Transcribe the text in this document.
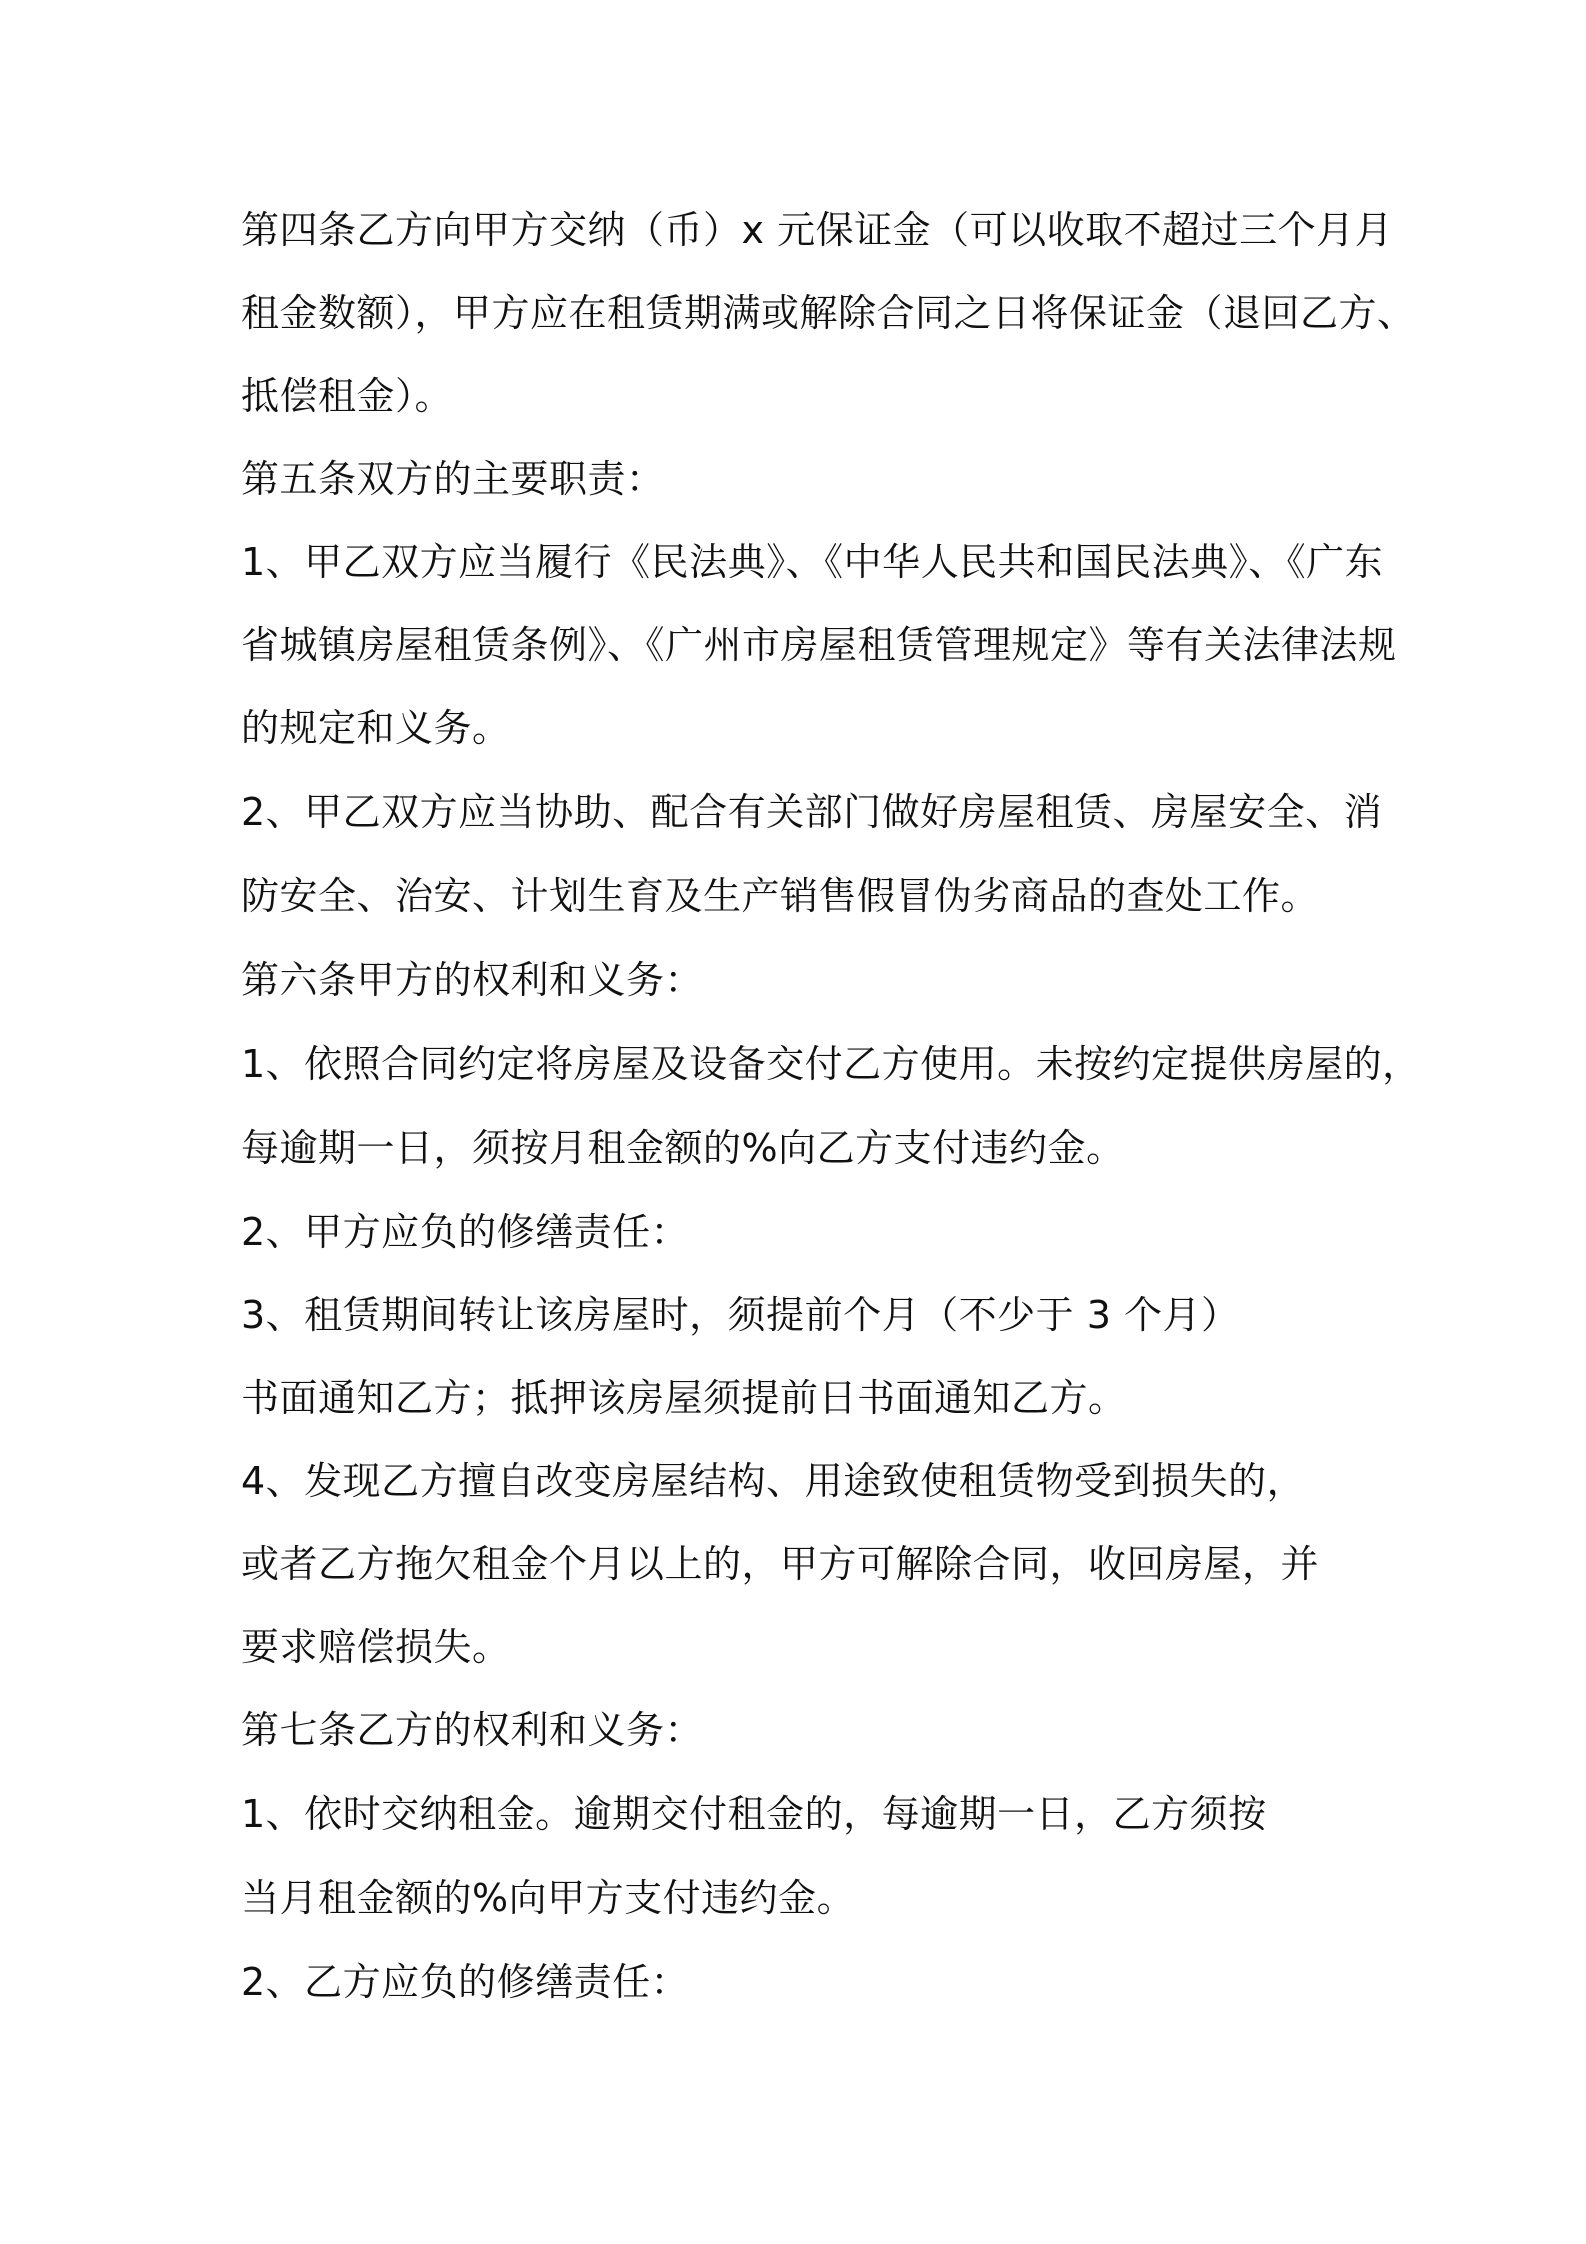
第四条乙方向甲方交纳（币）x 元保证金（可以收取不超过三个月月
租金数额），甲方应在租赁期满或解除合同之日将保证金（退回乙方、
抵偿租金）。
第五条双方的主要职责：
1、甲乙双方应当履行《民法典》、《中华人民共和国民法典》、《广东
省城镇房屋租赁条例》、《广州市房屋租赁管理规定》等有关法律法规
的规定和义务。
2、甲乙双方应当协助、配合有关部门做好房屋租赁、房屋安全、消
防安全、治安、计划生育及生产销售假冒伪劣商品的查处工作。
第六条甲方的权利和义务：
1、依照合同约定将房屋及设备交付乙方使用。未按约定提供房屋的，
每逾期一日，须按月租金额的%向乙方支付违约金。
2、甲方应负的修缮责任：
3、租赁期间转让该房屋时，须提前个月（不少于 3 个月）
书面通知乙方；抵押该房屋须提前日书面通知乙方。
4、发现乙方擅自改变房屋结构、用途致使租赁物受到损失的，
或者乙方拖欠租金个月以上的，甲方可解除合同，收回房屋，并
要求赔偿损失。
第七条乙方的权利和义务：
1、依时交纳租金。逾期交付租金的，每逾期一日，乙方须按
当月租金额的%向甲方支付违约金。
2、乙方应负的修缮责任：
